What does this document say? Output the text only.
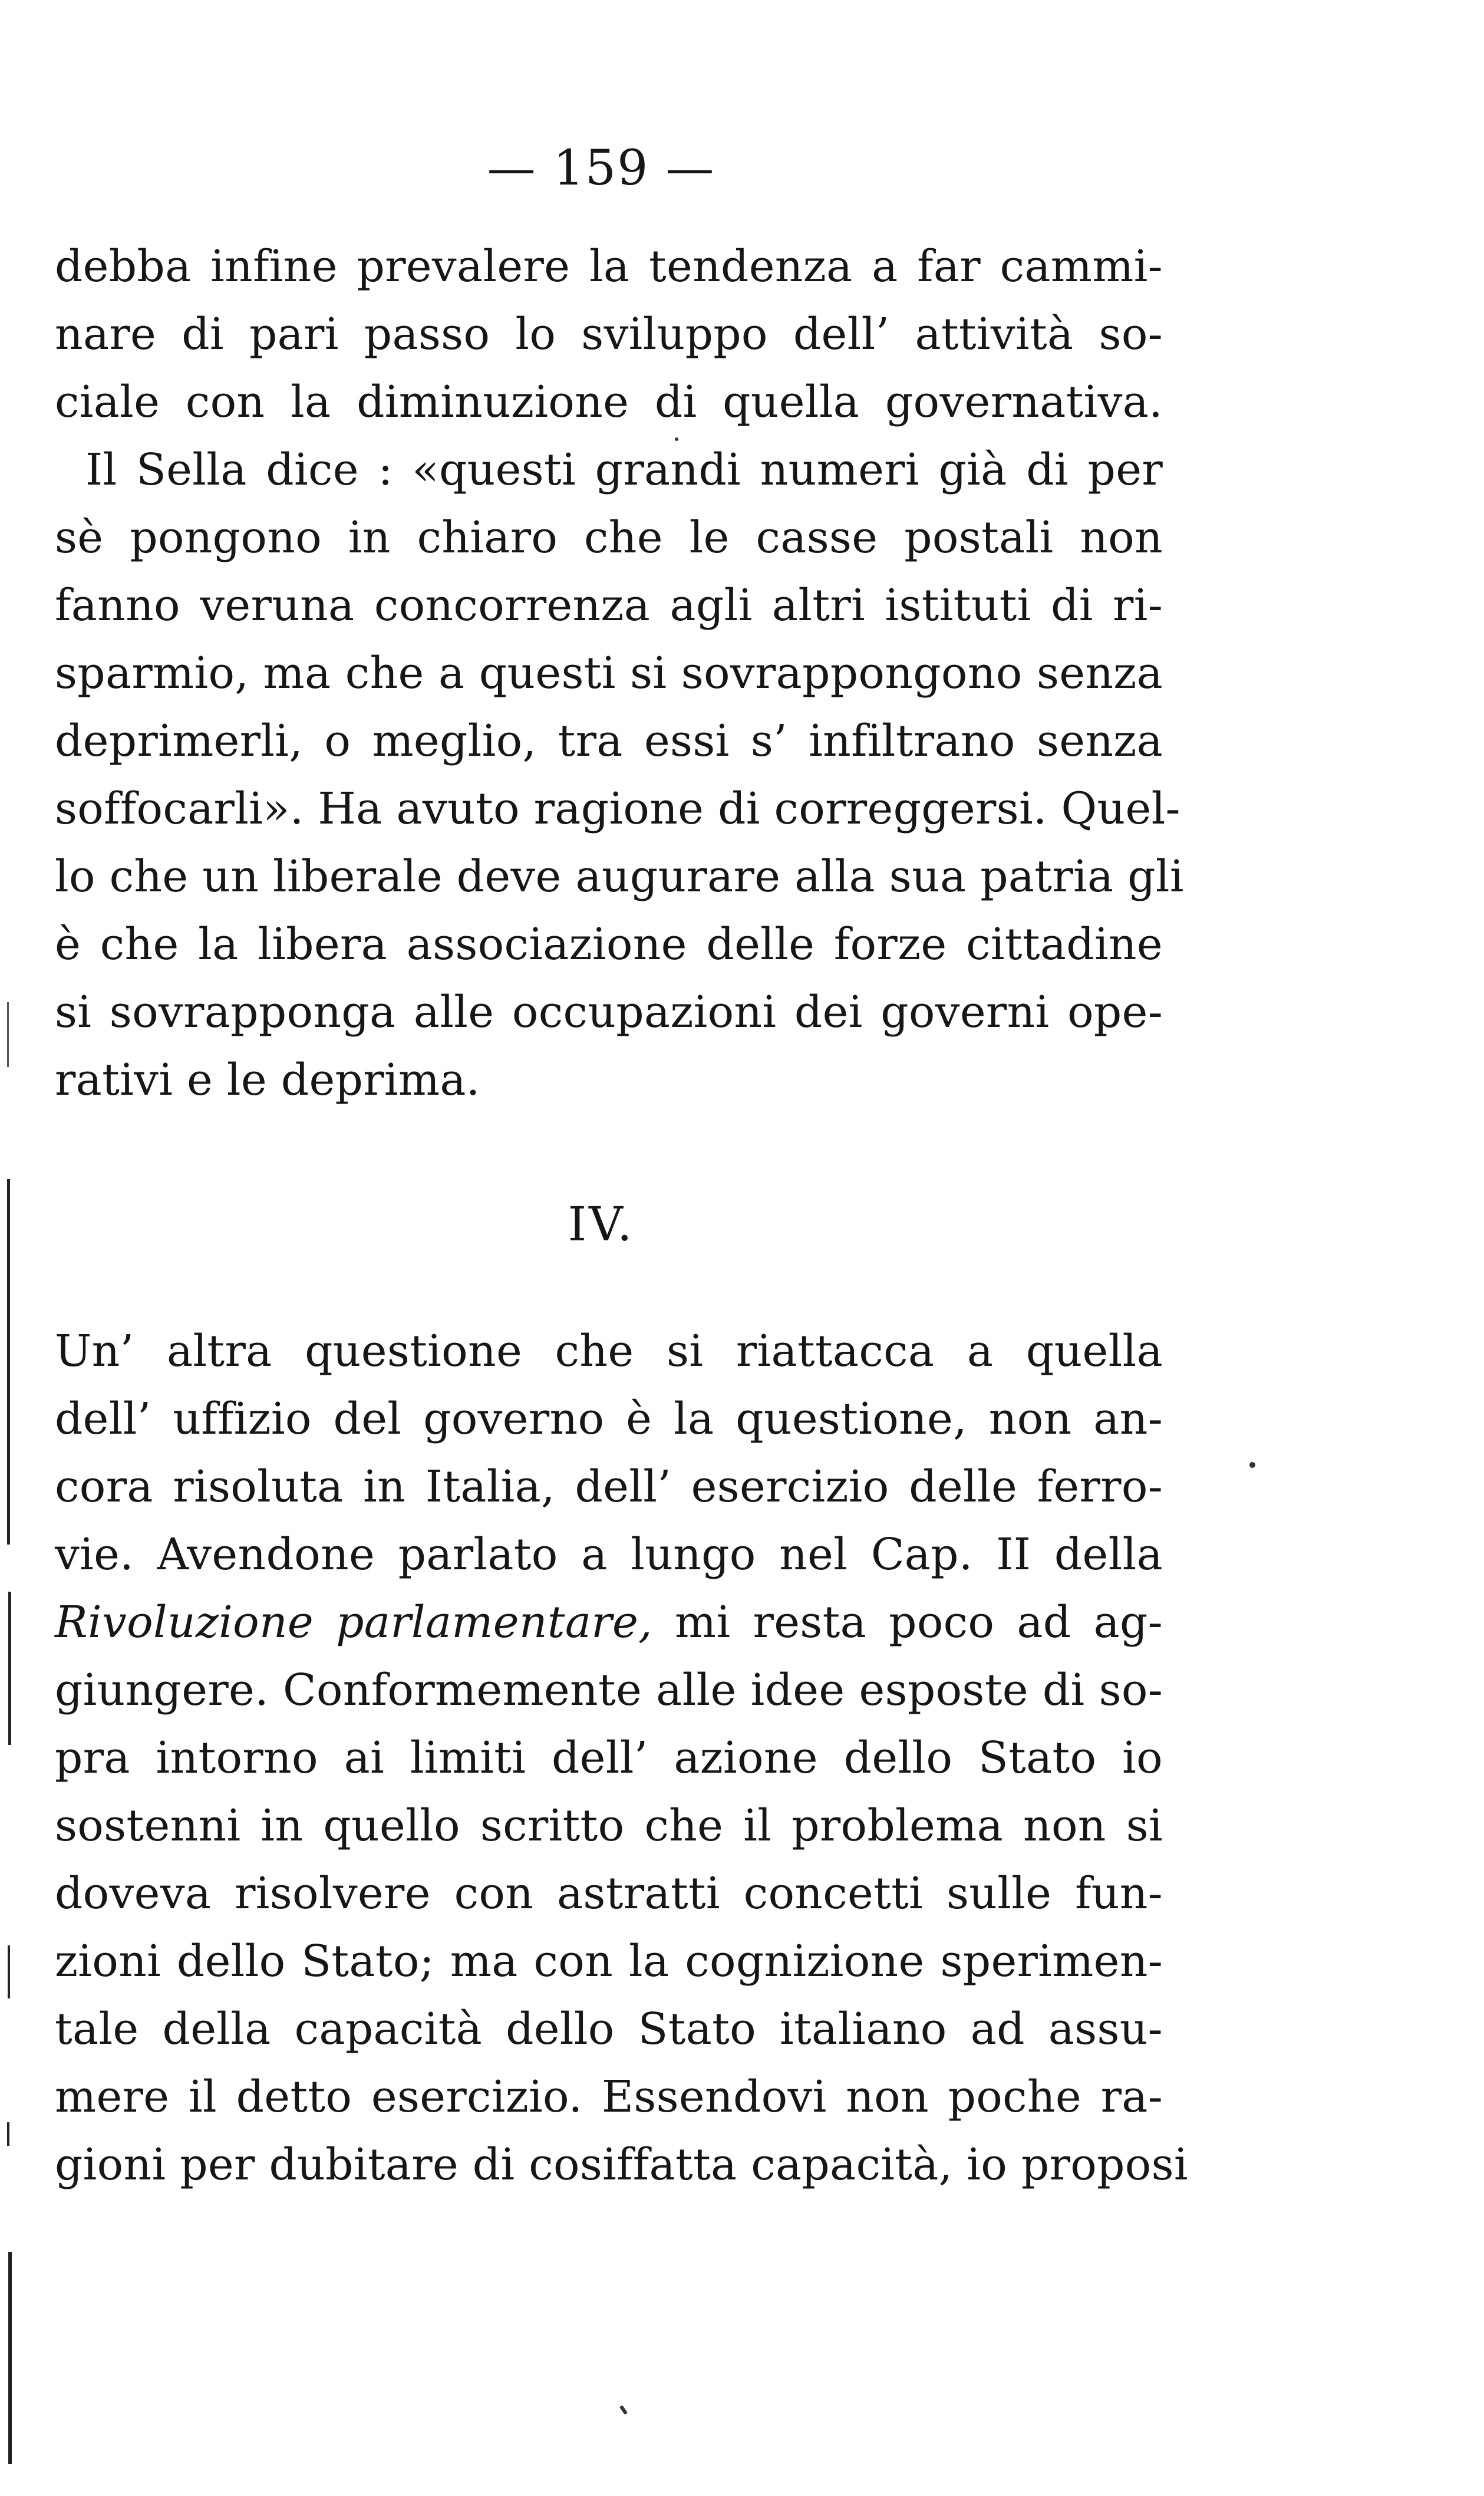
— 159 —
debba infine prevalere la tendenza a far cammi-
nare di pari passo lo sviluppo dell’ attività so-
ciale con la diminuzione di quella governativa.
Il Sella dice : «questi grandi numeri già di per
sè pongono in chiaro che le casse postali non
fanno veruna concorrenza agli altri istituti di ri-
sparmio, ma che a questi si sovrappongono senza
deprimerli, o meglio, tra essi s’ infiltrano senza
soffocarli». Ha avuto ragione di correggersi. Quel-
lo che un liberale deve augurare alla sua patria gli
è che la libera associazione delle forze cittadine
si sovrapponga alle occupazioni dei governi ope-
rativi e le deprima.
IV.
Un’ altra questione che si riattacca a quella
dell’ uffizio del governo è la questione, non an-
cora risoluta in Italia, dell’ esercizio delle ferro-
vie. Avendone parlato a lungo nel Cap. II della
Rivoluzione parlamentare, mi resta poco ad ag-
giungere. Conformemente alle idee esposte di so-
pra intorno ai limiti dell’ azione dello Stato io
sostenni in quello scritto che il problema non si
doveva risolvere con astratti concetti sulle fun-
zioni dello Stato; ma con la cognizione sperimen-
tale della capacità dello Stato italiano ad assu-
mere il detto esercizio. Essendovi non poche ra-
gioni per dubitare di cosiffatta capacità, io proposi
